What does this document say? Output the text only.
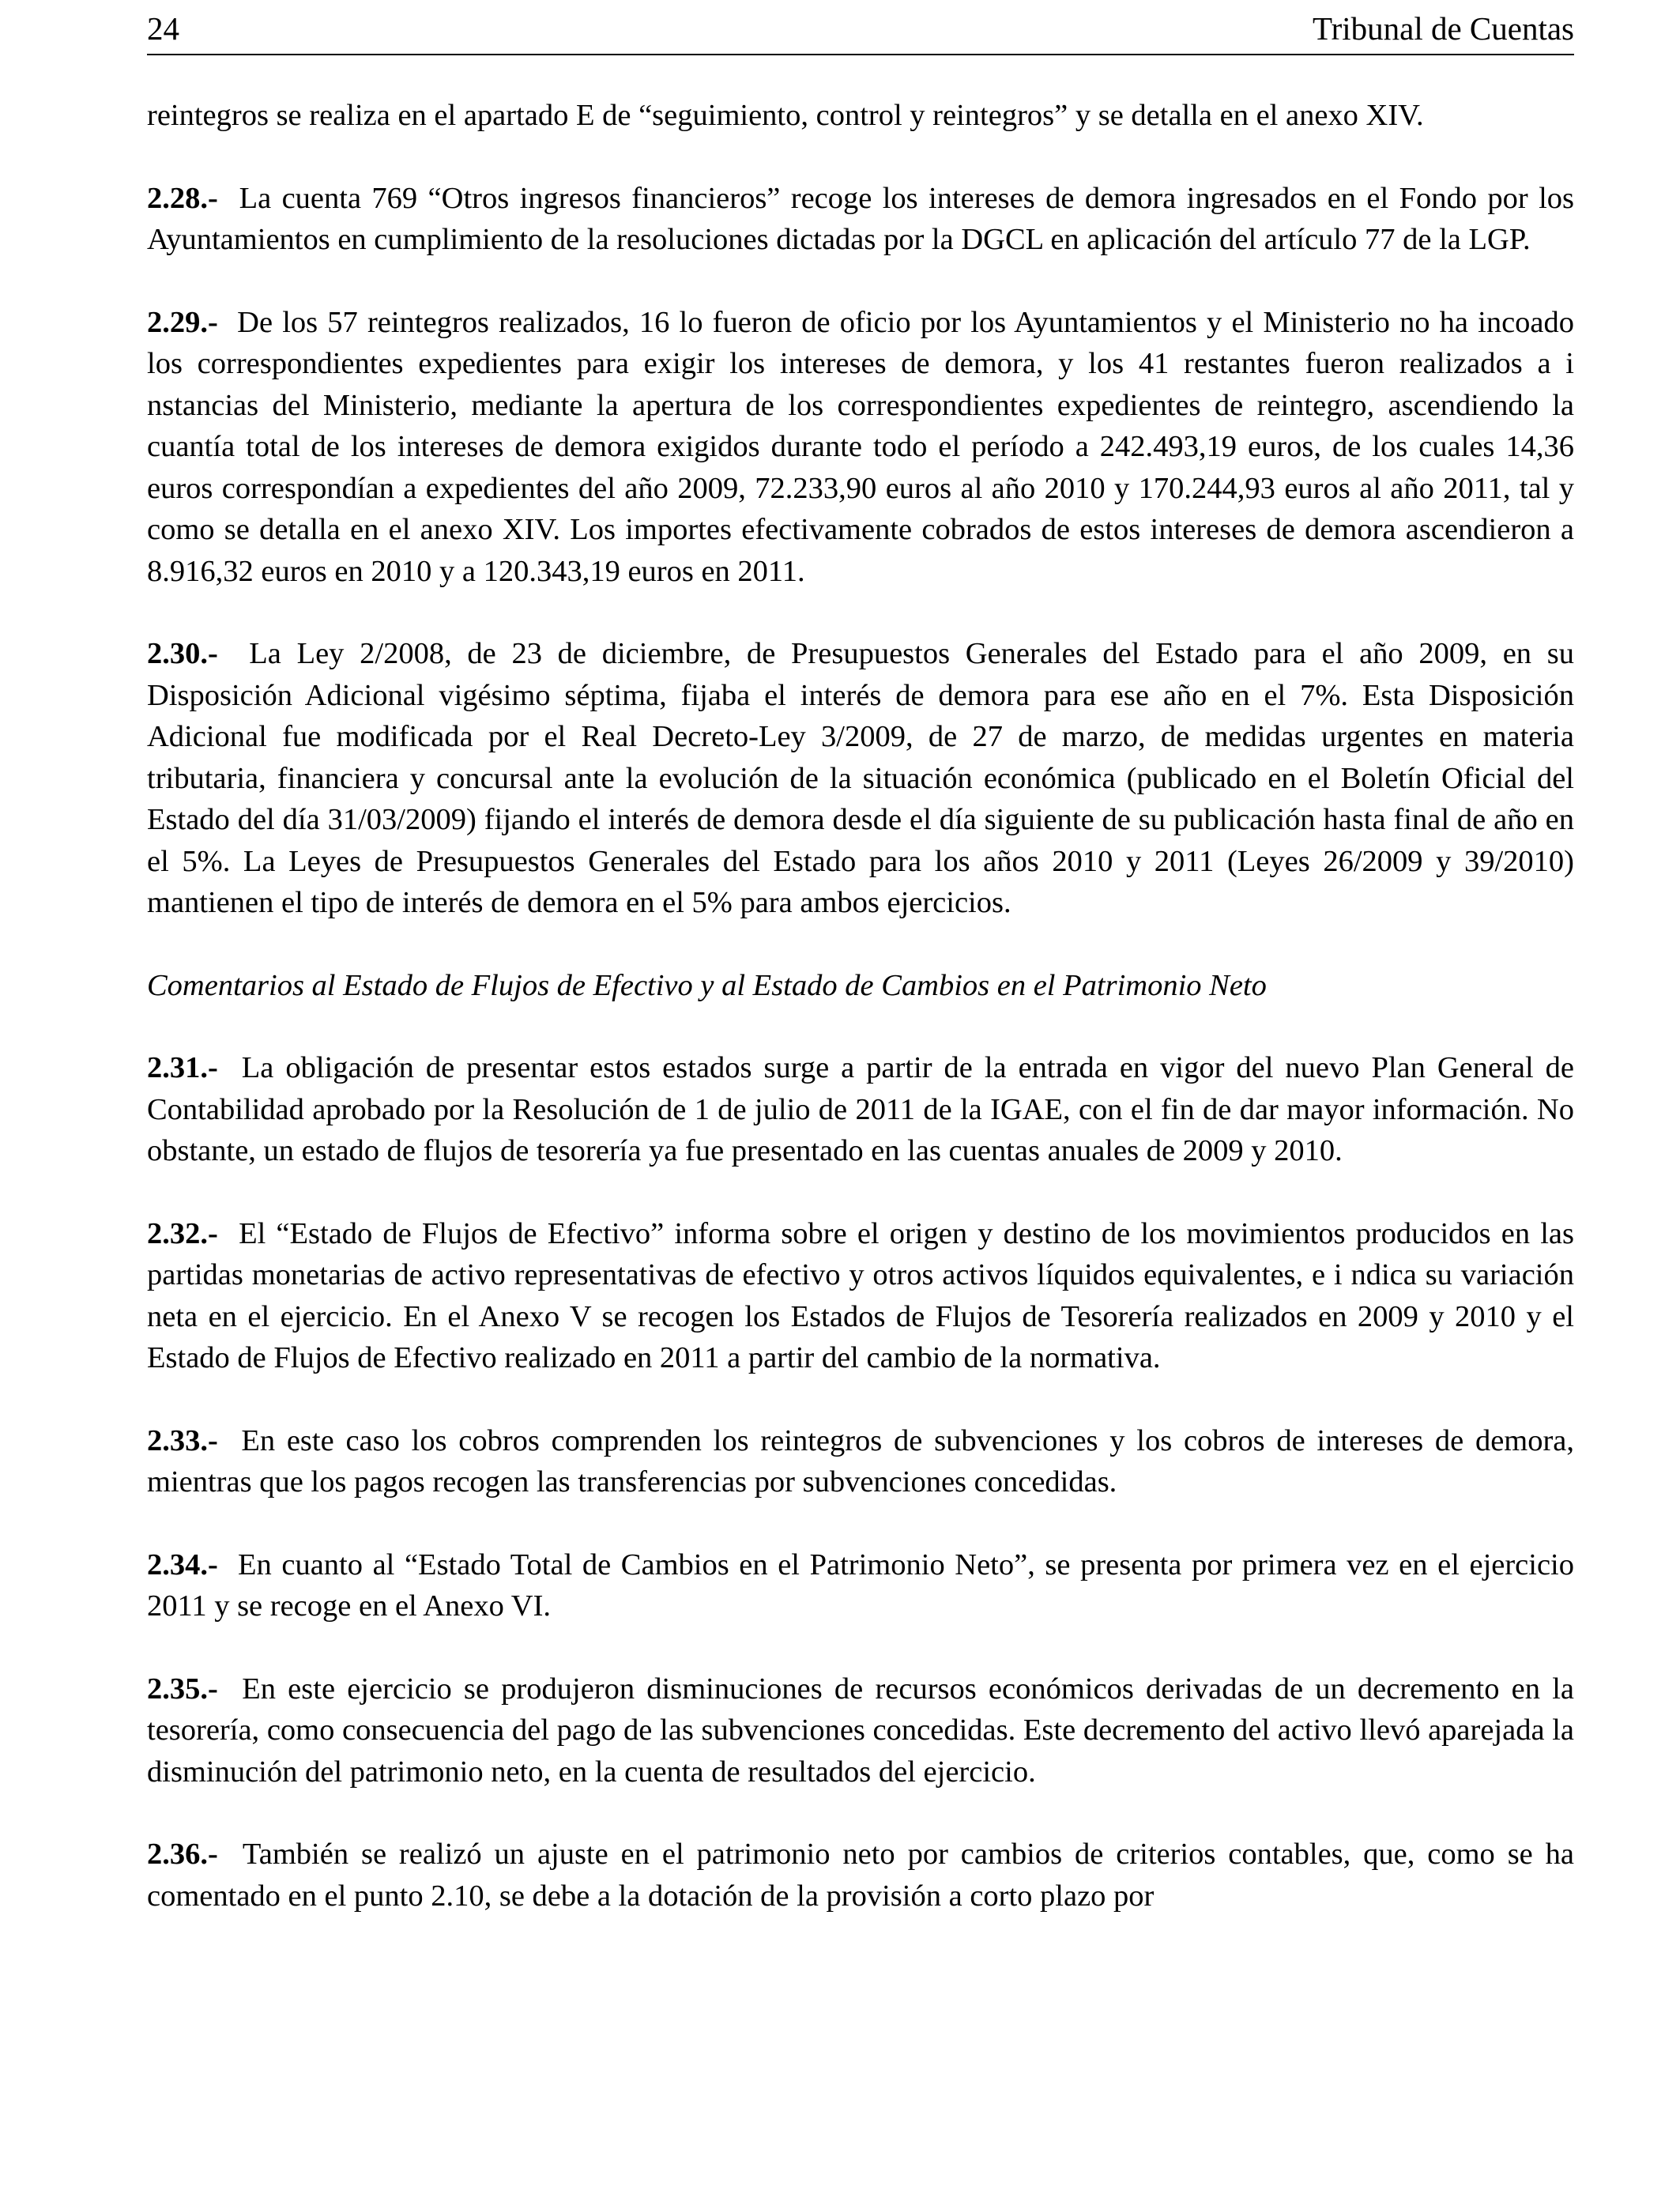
24	Tribunal de Cuentas

reintegros se realiza en el apartado E de “seguimiento, control y reintegros” y se detalla en el anexo XIV.

2.28.- La cuenta 769 “Otros ingresos financieros” recoge los intereses de demora ingresados en el Fondo por los Ayuntamientos en cumplimiento de la resoluciones dictadas por la DGCL en aplicación del artículo 77 de la LGP.

2.29.- De los 57 reintegros realizados, 16 lo fueron de oficio por los Ayuntamientos y el Ministerio no ha incoado los correspondientes expedientes para exigir los intereses de demora, y los 41 restantes fueron realizados a i nstancias del Ministerio, mediante la apertura de los correspondientes expedientes de reintegro, ascendiendo la cuantía total de los intereses de demora exigidos durante todo el período a 242.493,19 euros, de los cuales 14,36 euros correspondían a expedientes del año 2009, 72.233,90 euros al año 2010 y 170.244,93 euros al año 2011, tal y como se detalla en el anexo XIV. Los importes efectivamente cobrados de estos intereses de demora ascendieron a 8.916,32 euros en 2010 y a 120.343,19 euros en 2011.

2.30.- La Ley 2/2008, de 23 de diciembre, de Presupuestos Generales del Estado para el año 2009, en su Disposición Adicional vigésimo séptima, fijaba el interés de demora para ese año en el 7%. Esta Disposición Adicional fue modificada por el Real Decreto-Ley 3/2009, de 27 de marzo, de medidas urgentes en materia tributaria, financiera y concursal ante la evolución de la situación económica (publicado en el Boletín Oficial del Estado del día 31/03/2009) fijando el interés de demora desde el día siguiente de su publicación hasta final de año en el 5%. La Leyes de Presupuestos Generales del Estado para los años 2010 y 2011 (Leyes 26/2009 y 39/2010) mantienen el tipo de interés de demora en el 5% para ambos ejercicios.

Comentarios al Estado de Flujos de Efectivo y al Estado de Cambios en el Patrimonio Neto

2.31.- La obligación de presentar estos estados surge a partir de la entrada en vigor del nuevo Plan General de Contabilidad aprobado por la Resolución de 1 de julio de 2011 de la IGAE, con el fin de dar mayor información. No obstante, un estado de flujos de tesorería ya fue presentado en las cuentas anuales de 2009 y 2010.

2.32.- El “Estado de Flujos de Efectivo” informa sobre el origen y destino de los movimientos producidos en las partidas monetarias de activo representativas de efectivo y otros activos líquidos equivalentes, e i ndica su variación neta en el ejercicio. En el Anexo V se recogen los Estados de Flujos de Tesorería realizados en 2009 y 2010 y el Estado de Flujos de Efectivo realizado en 2011 a partir del cambio de la normativa.

2.33.- En este caso los cobros comprenden los reintegros de subvenciones y los cobros de intereses de demora, mientras que los pagos recogen las transferencias por subvenciones concedidas.

2.34.- En cuanto al “Estado Total de Cambios en el Patrimonio Neto”, se presenta por primera vez en el ejercicio 2011 y se recoge en el Anexo VI.

2.35.- En este ejercicio se produjeron disminuciones de recursos económicos derivadas de un decremento en la tesorería, como consecuencia del pago de las subvenciones concedidas. Este decremento del activo llevó aparejada la disminución del patrimonio neto, en la cuenta de resultados del ejercicio.

2.36.- También se realizó un ajuste en el patrimonio neto por cambios de criterios contables, que, como se ha comentado en el punto 2.10, se debe a la dotación de la provisión a corto plazo por
